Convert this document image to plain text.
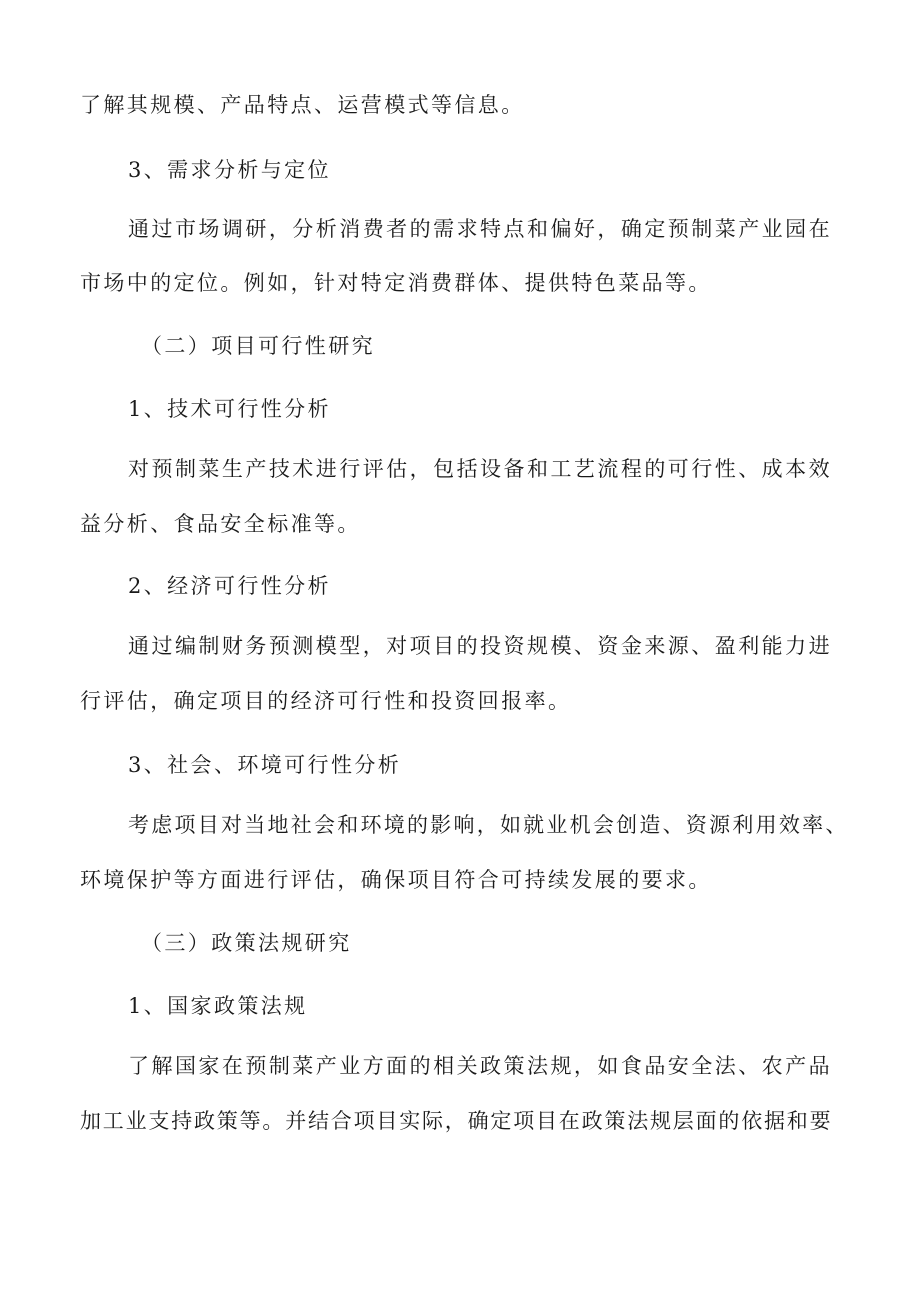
了解其规模、产品特点、运营模式等信息。
3、需求分析与定位
通过市场调研，分析消费者的需求特点和偏好，确定预制菜产业园在
市场中的定位。例如，针对特定消费群体、提供特色菜品等。
（二）项目可行性研究
1、技术可行性分析
对预制菜生产技术进行评估，包括设备和工艺流程的可行性、成本效
益分析、食品安全标准等。
2、经济可行性分析
通过编制财务预测模型，对项目的投资规模、资金来源、盈利能力进
行评估，确定项目的经济可行性和投资回报率。
3、社会、环境可行性分析
考虑项目对当地社会和环境的影响，如就业机会创造、资源利用效率、
环境保护等方面进行评估，确保项目符合可持续发展的要求。
（三）政策法规研究
1、国家政策法规
了解国家在预制菜产业方面的相关政策法规，如食品安全法、农产品
加工业支持政策等。并结合项目实际，确定项目在政策法规层面的依据和要
